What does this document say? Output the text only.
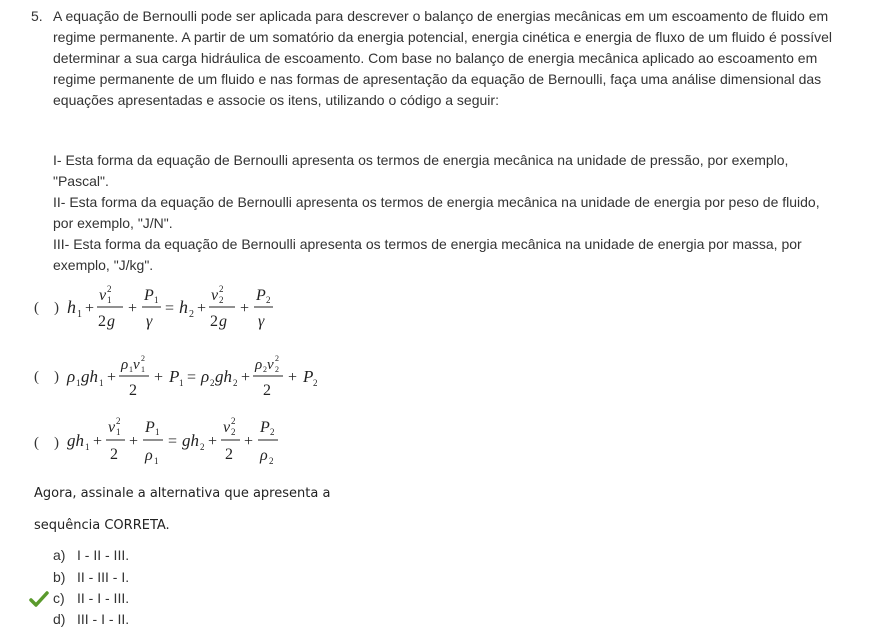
5. A equação de Bernoulli pode ser aplicada para descrever o balanço de energias mecânicas em um escoamento de fluido em regime permanente. A partir de um somatório da energia potencial, energia cinética e energia de fluxo de um fluido é possível determinar a sua carga hidráulica de escoamento. Com base no balanço de energia mecânica aplicado ao escoamento em regime permanente de um fluido e nas formas de apresentação da equação de Bernoulli, faça uma análise dimensional das equações apresentadas e associe os itens, utilizando o código a seguir:

I- Esta forma da equação de Bernoulli apresenta os termos de energia mecânica na unidade de pressão, por exemplo, "Pascal".
II- Esta forma da equação de Bernoulli apresenta os termos de energia mecânica na unidade de energia por peso de fluido, por exemplo, "J/N".
III- Esta forma da equação de Bernoulli apresenta os termos de energia mecânica na unidade de energia por massa, por exemplo, "J/kg".
(    ) h 1 +
v 2
1
2 g
+
P 1
γ
= h 2 +
v 2
2
2 g
+
P 2
γ
(    ) ρ 1 gh 1 +
ρ 1 v 2
1
2
+ P 1 = ρ 2 gh 2 +
ρ 2 v 2
2
2
+ P 2
(    ) gh 1 +
v 2
1
2
+
P 1
ρ 1
= gh 2 +
v 2
2
2
+
P 2
ρ 2

Agora, assinale a alternativa que apresenta a

sequência CORRETA.

a) I - II - III.
b) II - III - I.
c) II - I - III.
d) III - I - II.
